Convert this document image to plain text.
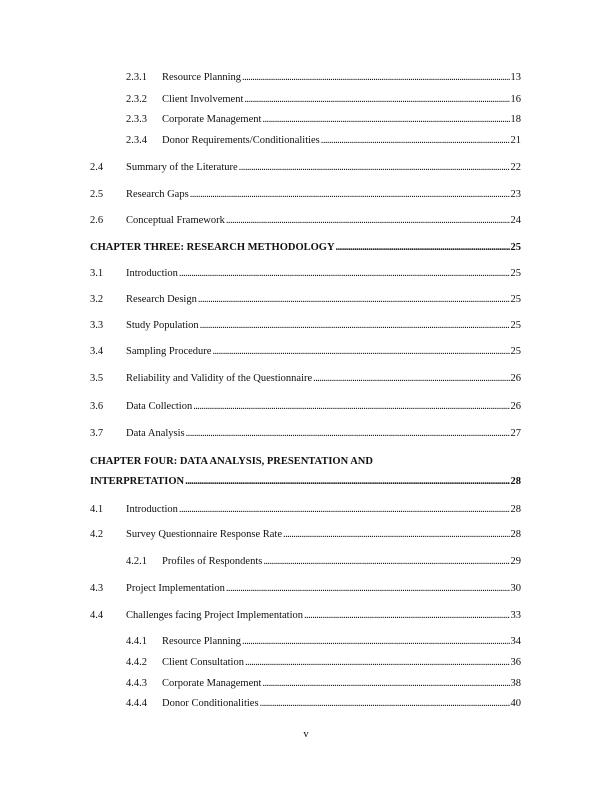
2.3.1	Resource Planning . . .	13
2.3.2	Client Involvement . . .	16
2.3.3	Corporate Management . . .	18
2.3.4	Donor Requirements/Conditionalities . . .	21
2.4	Summary of the Literature . . .	22
2.5	Research Gaps . . .	23
2.6	Conceptual Framework . . .	24
CHAPTER THREE: RESEARCH METHODOLOGY . . .	25
3.1	Introduction . . .	25
3.2	Research Design . . .	25
3.3	Study Population . . .	25
3.4	Sampling Procedure . . .	25
3.5	Reliability and Validity of the Questionnaire . . .	26
3.6	Data Collection . . .	26
3.7	Data Analysis . . .	27
CHAPTER FOUR: DATA ANALYSIS, PRESENTATION AND
INTERPRETATION . . .	28
4.1	Introduction . . .	28
4.2	Survey Questionnaire Response Rate . . .	28
4.2.1	Profiles of Respondents . . .	29
4.3	Project Implementation . . .	30
4.4	Challenges facing Project Implementation . . .	33
4.4.1	Resource Planning . . .	34
4.4.2	Client Consultation . . .	36
4.4.3	Corporate Management . . .	38
4.4.4	Donor Conditionalities . . .	40
v
